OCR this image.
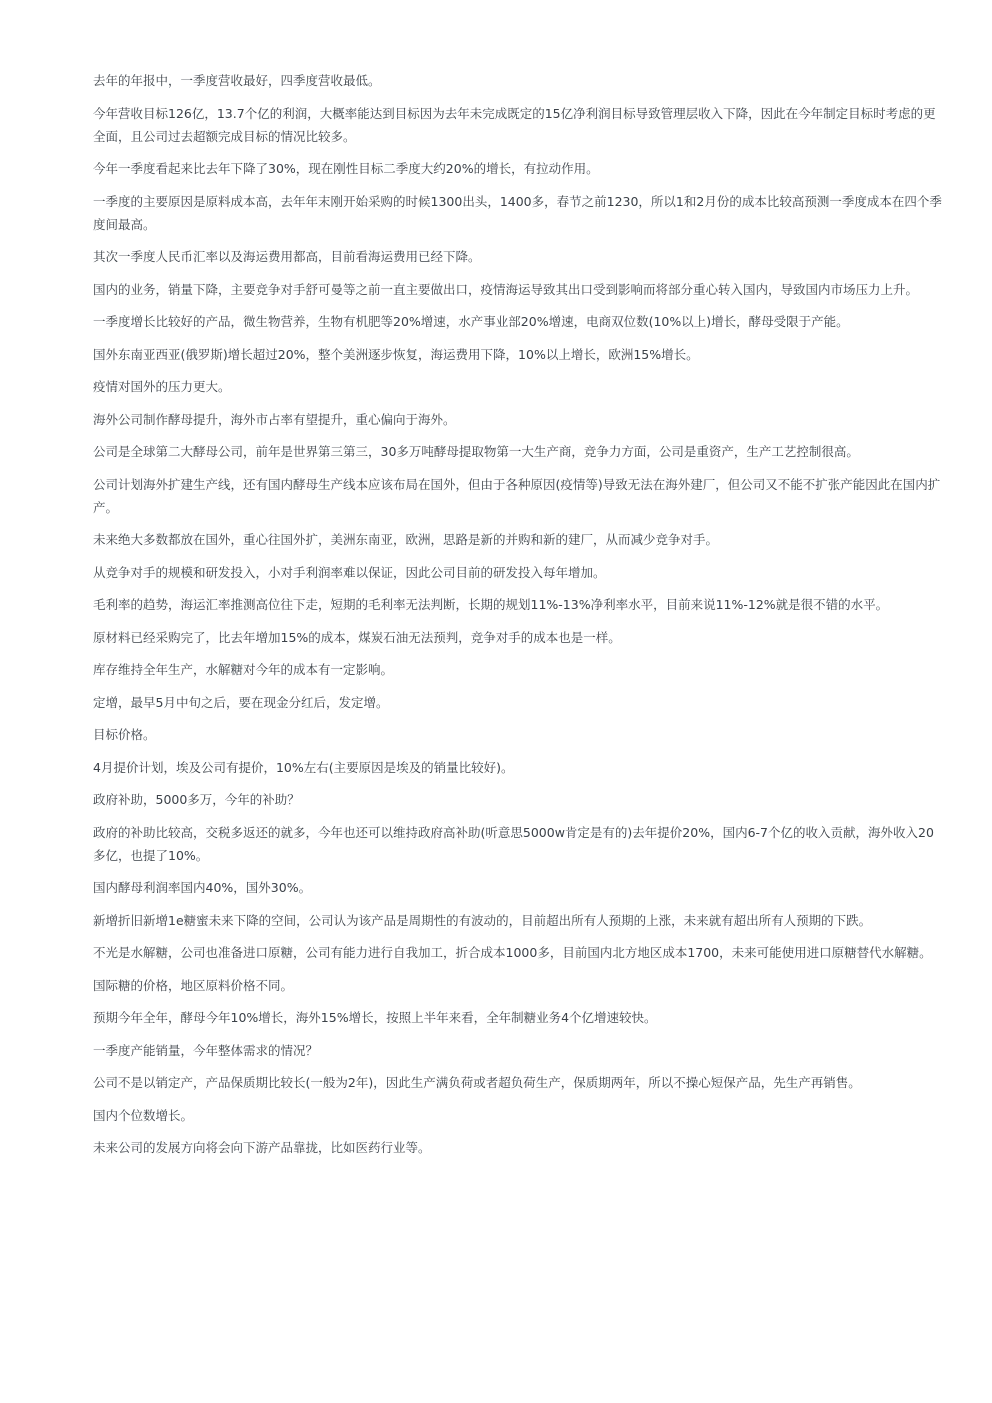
去年的年报中，一季度营收最好，四季度营收最低。

今年营收目标126亿，13.7个亿的利润，大概率能达到目标因为去年未完成既定的15亿净利润目标导致管理层收入下降，因此在今年制定目标时考虑的更全面，且公司过去超额完成目标的情况比较多。

今年一季度看起来比去年下降了30%，现在刚性目标二季度大约20%的增长，有拉动作用。

一季度的主要原因是原料成本高，去年年末刚开始采购的时候1300出头，1400多，春节之前1230，所以1和2月份的成本比较高预测一季度成本在四个季度间最高。

其次一季度人民币汇率以及海运费用都高，目前看海运费用已经下降。

国内的业务，销量下降，主要竞争对手舒可曼等之前一直主要做出口，疫情海运导致其出口受到影响而将部分重心转入国内，导致国内市场压力上升。

一季度增长比较好的产品，微生物营养，生物有机肥等20%增速，水产事业部20%增速，电商双位数(10%以上)增长，酵母受限于产能。

国外东南亚西亚(俄罗斯)增长超过20%，整个美洲逐步恢复，海运费用下降，10%以上增长，欧洲15%增长。

疫情对国外的压力更大。

海外公司制作酵母提升，海外市占率有望提升，重心偏向于海外。

公司是全球第二大酵母公司，前年是世界第三第三，30多万吨酵母提取物第一大生产商，竞争力方面，公司是重资产，生产工艺控制很高。

公司计划海外扩建生产线，还有国内酵母生产线本应该布局在国外，但由于各种原因(疫情等)导致无法在海外建厂，但公司又不能不扩张产能因此在国内扩产。

未来绝大多数都放在国外，重心往国外扩，美洲东南亚，欧洲，思路是新的并购和新的建厂，从而减少竞争对手。

从竞争对手的规模和研发投入，小对手利润率难以保证，因此公司目前的研发投入每年增加。

毛利率的趋势，海运汇率推测高位往下走，短期的毛利率无法判断，长期的规划11%-13%净利率水平，目前来说11%-12%就是很不错的水平。

原材料已经采购完了，比去年增加15%的成本，煤炭石油无法预判，竞争对手的成本也是一样。

库存维持全年生产，水解糖对今年的成本有一定影响。

定增，最早5月中旬之后，要在现金分红后，发定增。

目标价格。

4月提价计划，埃及公司有提价，10%左右(主要原因是埃及的销量比较好)。

政府补助，5000多万，今年的补助？

政府的补助比较高，交税多返还的就多，今年也还可以维持政府高补助(听意思5000w肯定是有的)去年提价20%，国内6-7个亿的收入贡献，海外收入20多亿，也提了10%。

国内酵母利润率国内40%，国外30%。

新增折旧新增1e糖蜜未来下降的空间，公司认为该产品是周期性的有波动的，目前超出所有人预期的上涨，未来就有超出所有人预期的下跌。

不光是水解糖，公司也准备进口原糖，公司有能力进行自我加工，折合成本1000多，目前国内北方地区成本1700，未来可能使用进口原糖替代水解糖。

国际糖的价格，地区原料价格不同。

预期今年全年，酵母今年10%增长，海外15%增长，按照上半年来看，全年制糖业务4个亿增速较快。

一季度产能销量，今年整体需求的情况？

公司不是以销定产，产品保质期比较长(一般为2年)，因此生产满负荷或者超负荷生产，保质期两年，所以不操心短保产品，先生产再销售。

国内个位数增长。

未来公司的发展方向将会向下游产品靠拢，比如医药行业等。
